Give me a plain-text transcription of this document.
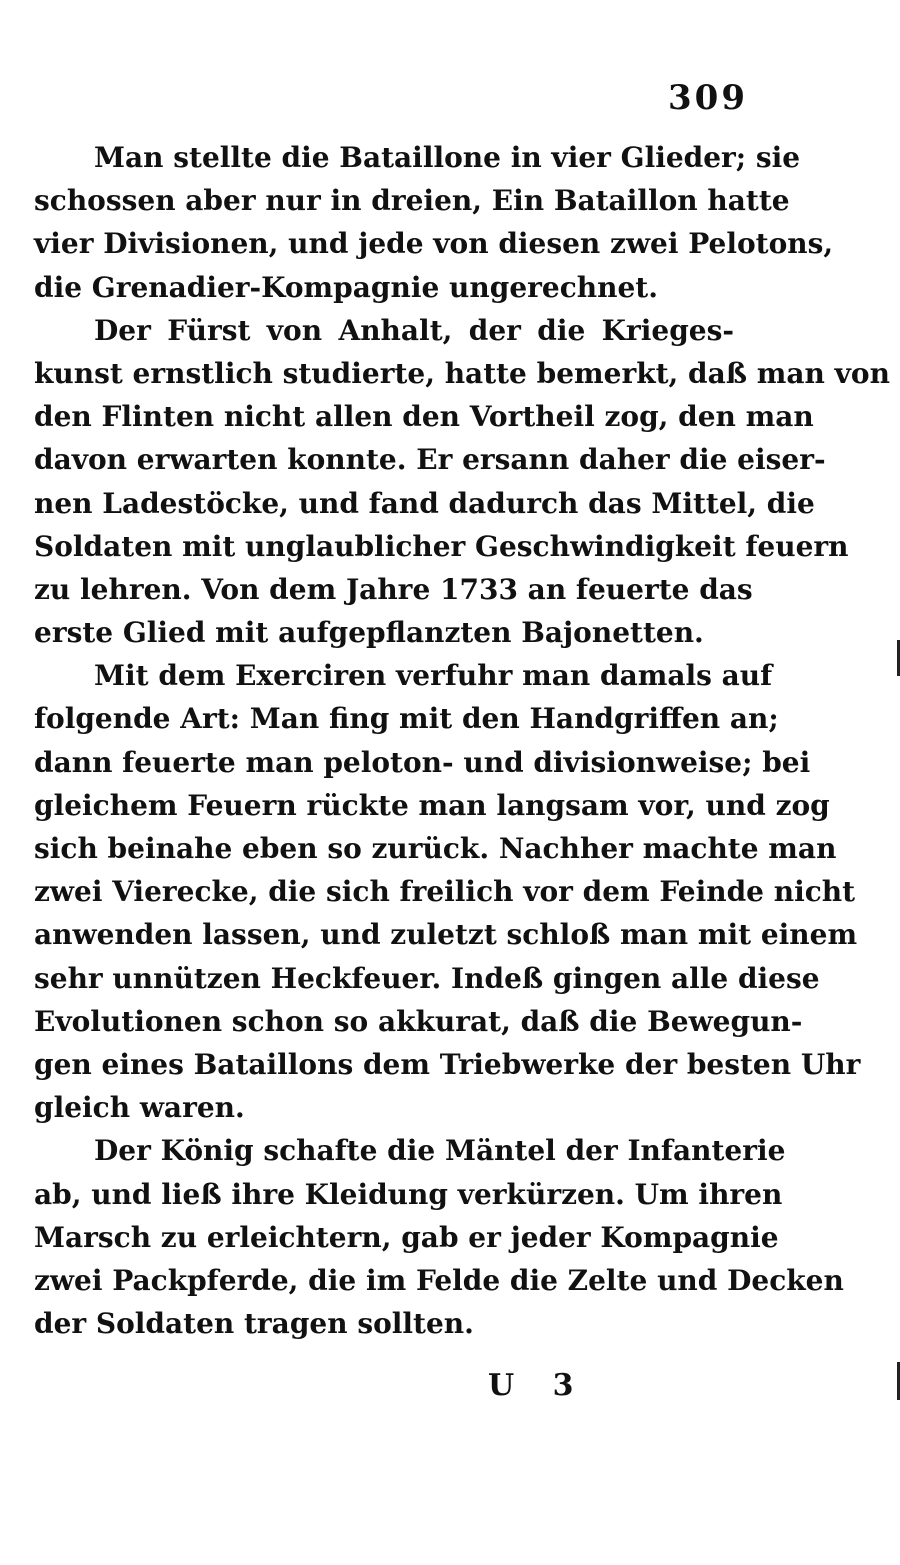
309
Man stellte die Bataillone in vier Glieder; sie
schossen aber nur in dreien, Ein Bataillon hatte
vier Divisionen, und jede von diesen zwei Pelotons,
die Grenadier-Kompagnie ungerechnet.
Der Fürst von Anhalt, der die Krieges-
kunst ernstlich studierte, hatte bemerkt, daß man von
den Flinten nicht allen den Vortheil zog, den man
davon erwarten konnte. Er ersann daher die eiser-
nen Ladestöcke, und fand dadurch das Mittel, die
Soldaten mit unglaublicher Geschwindigkeit feuern
zu lehren. Von dem Jahre 1733 an feuerte das
erste Glied mit aufgepflanzten Bajonetten.
Mit dem Exerciren verfuhr man damals auf
folgende Art: Man fing mit den Handgriffen an;
dann feuerte man peloton- und divisionweise; bei
gleichem Feuern rückte man langsam vor, und zog
sich beinahe eben so zurück. Nachher machte man
zwei Vierecke, die sich freilich vor dem Feinde nicht
anwenden lassen, und zuletzt schloß man mit einem
sehr unnützen Heckfeuer. Indeß gingen alle diese
Evolutionen schon so akkurat, daß die Bewegun-
gen eines Bataillons dem Triebwerke der besten Uhr
gleich waren.
Der König schafte die Mäntel der Infanterie
ab, und ließ ihre Kleidung verkürzen. Um ihren
Marsch zu erleichtern, gab er jeder Kompagnie
zwei Packpferde, die im Felde die Zelte und Decken
der Soldaten tragen sollten.
U 3
